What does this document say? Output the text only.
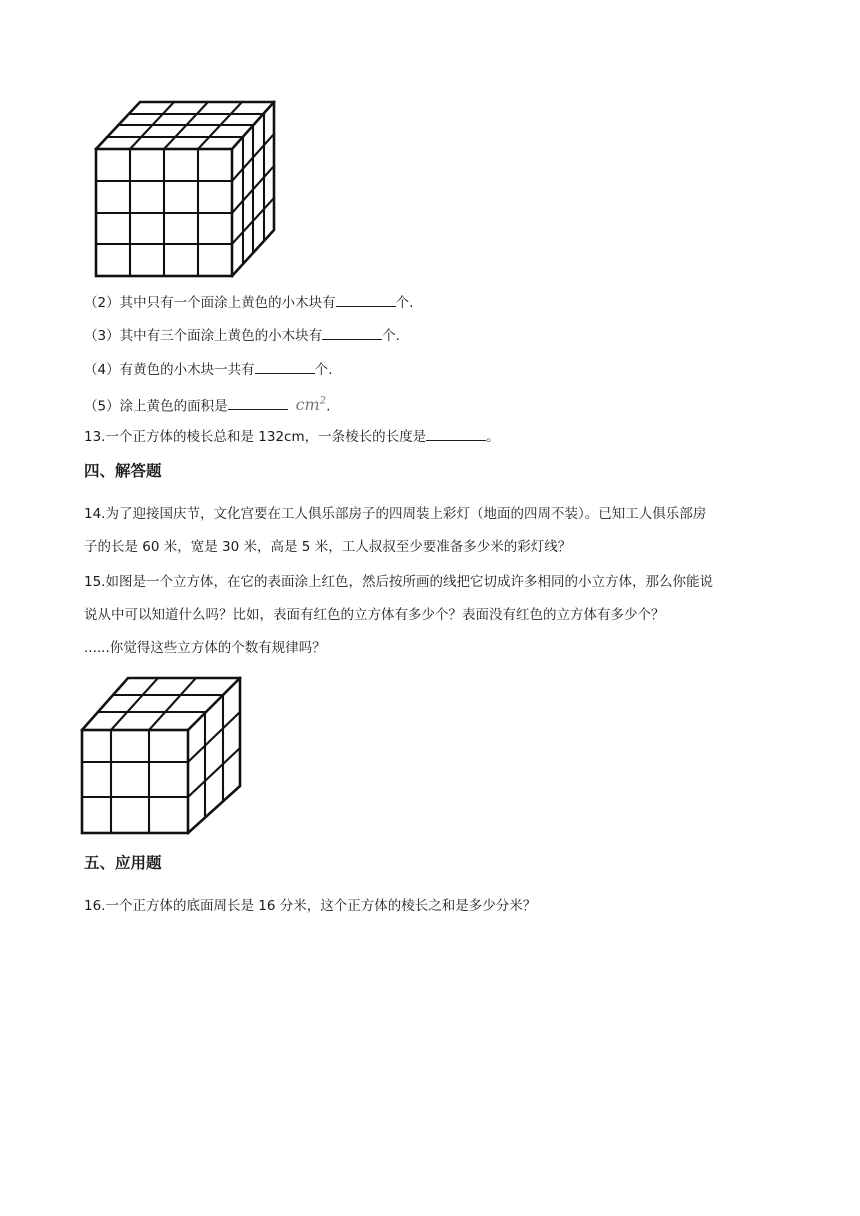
（2）其中只有一个面涂上黄色的小木块有	个.
（3）其中有三个面涂上黄色的小木块有	个.
（4）有黄色的小木块一共有	个.
（5）涂上黄色的面积是	$cm^2$.
13.一个正方体的棱长总和是 132cm，一条棱长的长度是	。
四、解答题
14.为了迎接国庆节，文化宫要在工人俱乐部房子的四周装上彩灯（地面的四周不装）。已知工人俱乐部房
子的长是 60 米，宽是 30 米，高是 5 米，工人叔叔至少要准备多少米的彩灯线？
15.如图是一个立方体，在它的表面涂上红色，然后按所画的线把它切成许多相同的小立方体，那么你能说
说从中可以知道什么吗？比如，表面有红色的立方体有多少个？表面没有红色的立方体有多少个？
......你觉得这些立方体的个数有规律吗？
五、应用题
16.一个正方体的底面周长是 16 分米，这个正方体的棱长之和是多少分米？
